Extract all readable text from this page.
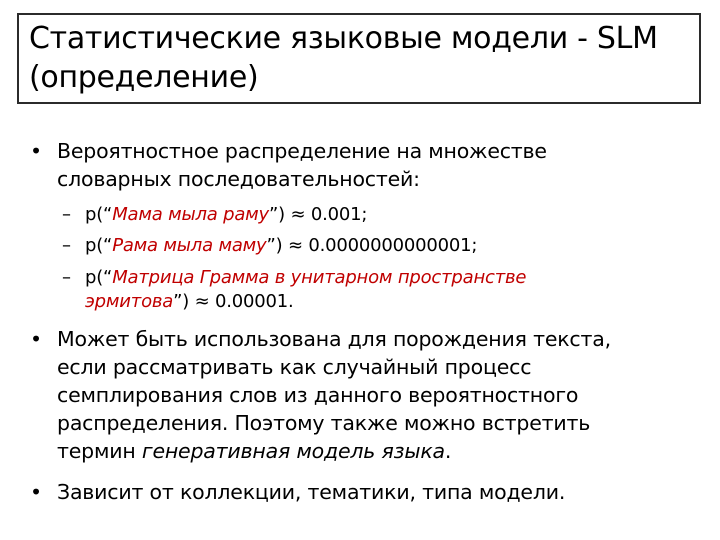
Статистические языковые модели - SLM
(определение)
• Вероятностное распределение на множестве
словарных последовательностей:
– p(“Мама мыла раму”) ≈ 0.001;
– p(“Рама мыла маму”) ≈ 0.0000000000001;
– p(“Матрица Грамма в унитарном пространстве
эрмитова”) ≈ 0.00001.
• Может быть использована для порождения текста,
если рассматривать как случайный процесс
семплирования слов из данного вероятностного
распределения. Поэтому также можно встретить
термин генеративная модель языка.
• Зависит от коллекции, тематики, типа модели.
